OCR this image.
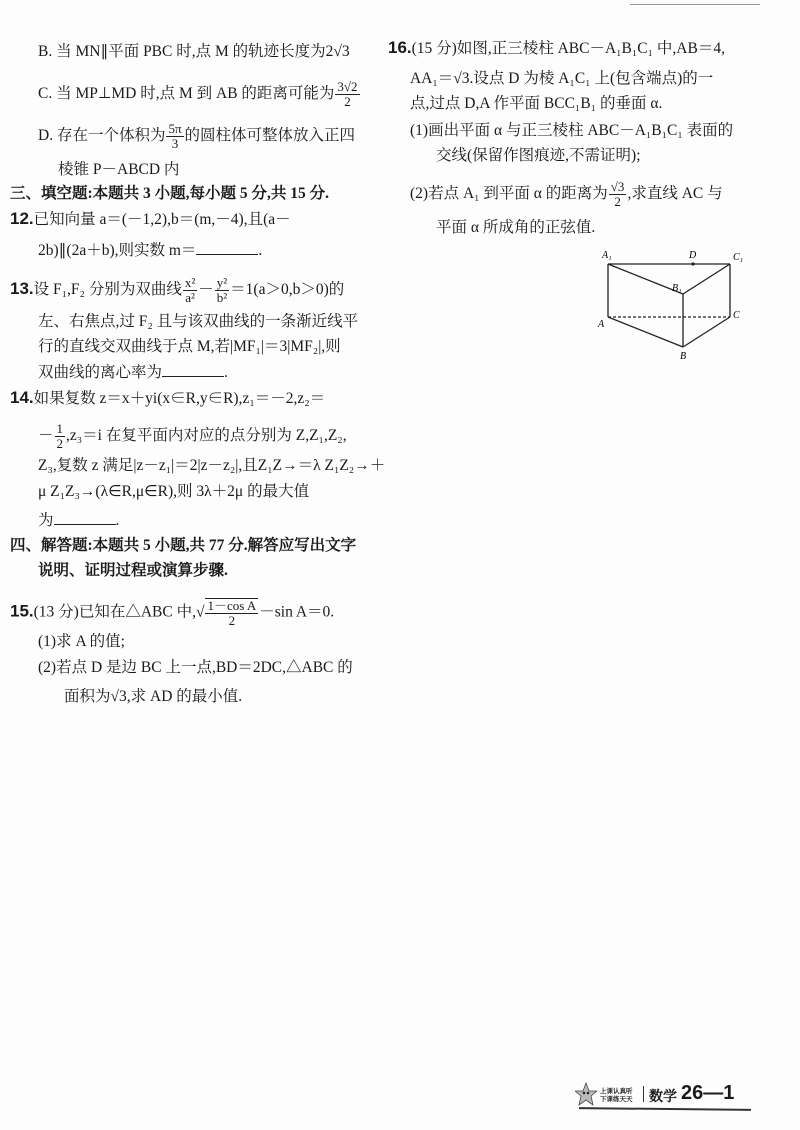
B. 当 MN∥平面 PBC 时,点 M 的轨迹长度为2√3
C. 当 MP⊥MD 时,点 M 到 AB 的距离可能为 $\frac{3√2}{2}$
D. 存在一个体积为 $\frac{5\pi}{3}$ 的圆柱体可整体放入正四
棱锥 P－ABCD 内
三、填空题:本题共 3 小题,每小题 5 分,共 15 分.
12.已知向量 a＝(－1,2),b＝(m,－4),且(a－
2b)∥(2a＋b),则实数 m＝	.
13.设 F₁,F₂ 分别为双曲线 $\frac{\text{x²}}{\text{a²}} - \frac{\text{y²}}{\text{b²}} =1(a>0,b>0)$的
左、右焦点,过 F₂ 且与该双曲线的一条渐近线平
行的直线交双曲线于点 M,若|MF₁|＝3|MF₂|,则
双曲线的离心率为	.
14.如果复数 z＝x＋yi(x∈R,y∈R),z₁＝－2,z₂＝
－ $\frac{1}{2} ,z_3=i$ 在复平面内对应的点分别为 Z,Z₁,Z₂,
Z₃,复数 z 满足|z－z₁|＝2|z－z₂|,且Z₁Z→＝λ Z₁Z₂→＋
μ Z₁Z₃→(λ∈R,μ∈R),则 3λ＋2μ 的最大值
为	.
四、解答题:本题共 5 小题,共 77 分.解答应写出文字
说明、证明过程或演算步骤.
15.(13 分)已知在△ABC 中,√ $\frac{\text{1－cos A}}{2} -\sin$ A＝0.
(1)求 A 的值;
(2)若点 D 是边 BC 上一点,BD＝2DC,△ABC 的
面积为√3,求 AD 的最小值.
16.(15 分)如图,正三棱柱 ABC－A₁B₁C₁ 中,AB＝4,
AA₁＝√3.设点 D 为棱 A₁C₁ 上(包含端点)的一
点,过点 D,A 作平面 BCC₁B₁ 的垂面 α.
(1)画出平面 α 与正三棱柱 ABC－A₁B₁C₁ 表面的
交线(保留作图痕迹,不需证明);
(2)若点 A₁ 到平面 α 的距离为 $\frac{√3}{2}$ ,求直线 AC 与
平面 α 所成角的正弦值.
A₁	D	C₁
B₁
A
C
B
上课认真听 下课练天天	数学 26—1
